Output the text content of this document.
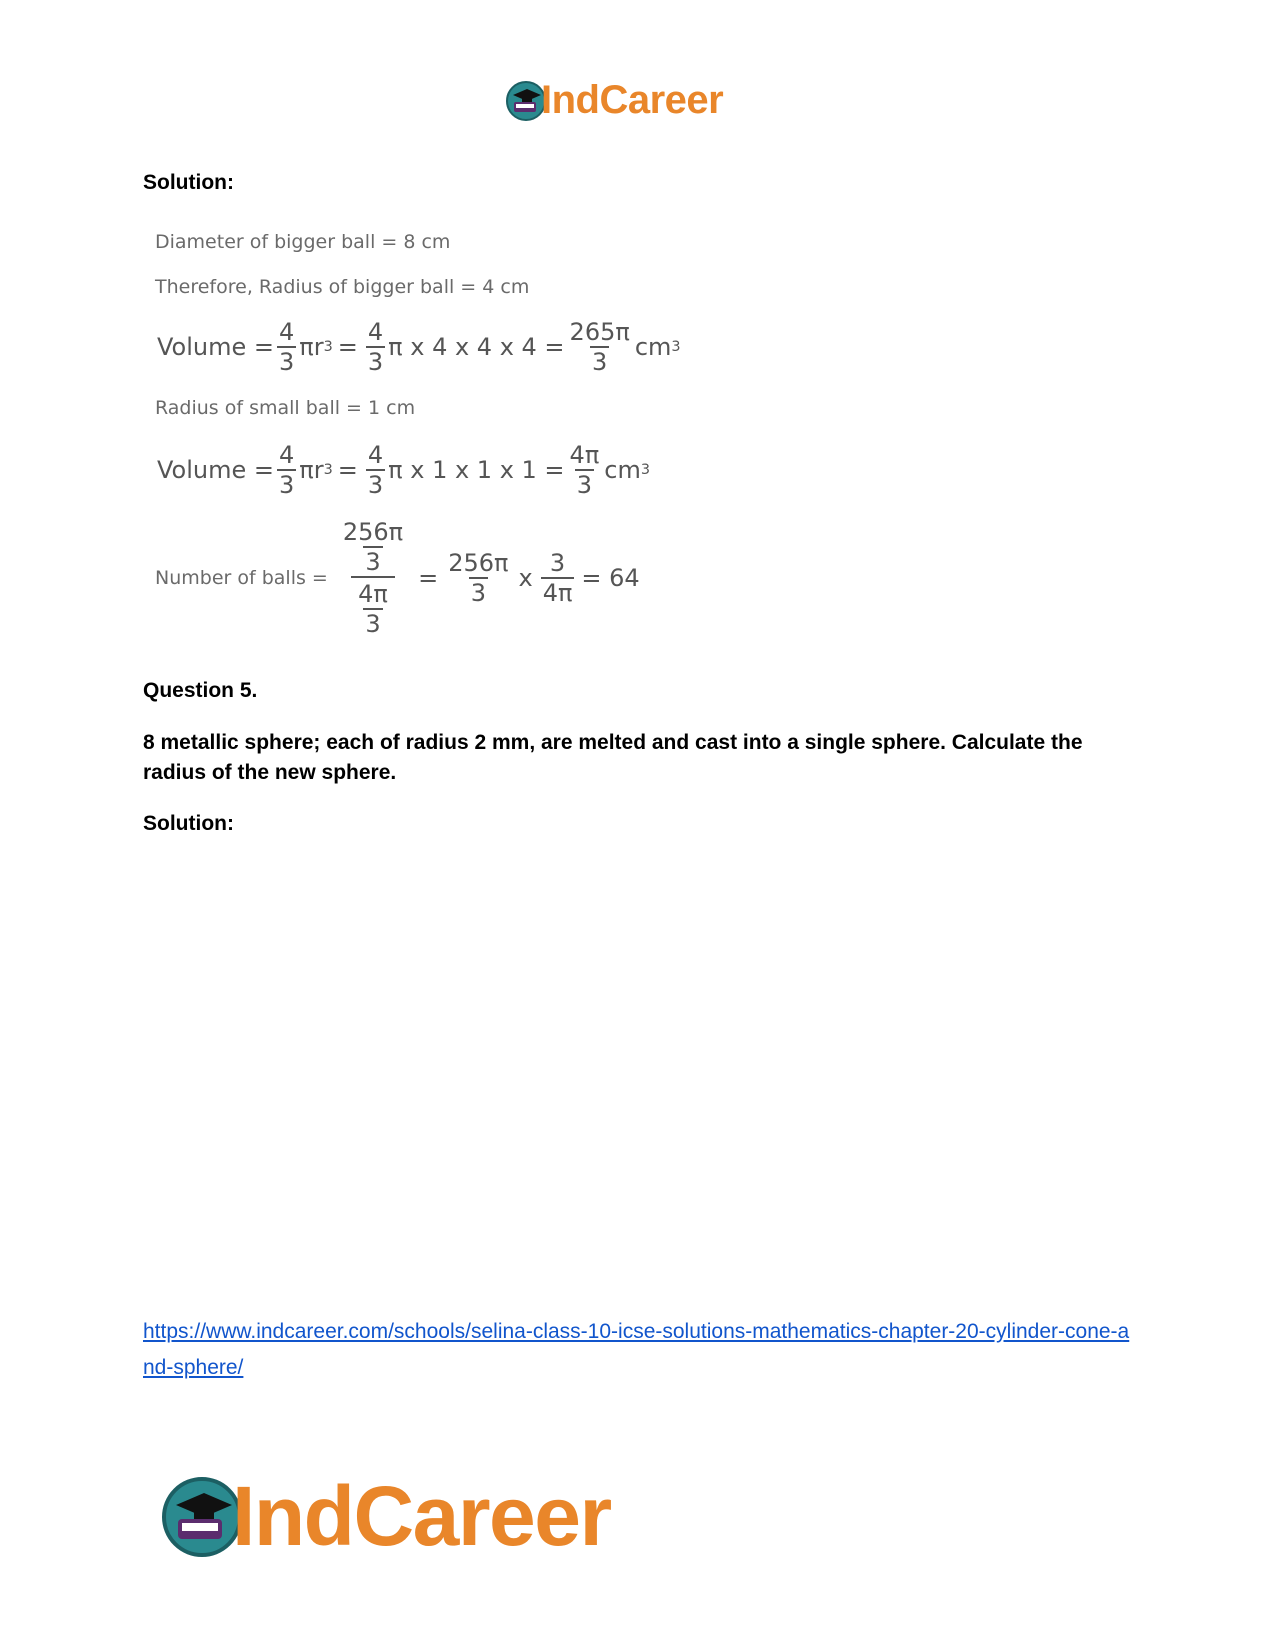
IndCareer
Solution:
Diameter of bigger ball = 8 cm
Therefore, Radius of bigger ball = 4 cm
Volume = $\frac{4}{3}$ πr $3 = \frac{4}{3}$ π x 4 x 4 x $4 = \frac{265\pi}{3}$ cm 3
Radius of small ball = 1 cm
Volume = $\frac{4}{3}$ πr $3 = \frac{4}{3}$ π x 1 x 1 x $1 = \frac{4\pi}{3}$ cm 3
Number of balls = $\frac{\frac{256\pi}{3}}{\frac{4\pi}{3}} = \frac{256\pi}{3}$ x $\frac{3}{4\pi} = 64$
Question 5.
8 metallic sphere; each of radius 2 mm, are melted and cast into a single sphere. Calculate the radius of the new sphere.
Solution:
https://www.indcareer.com/schools/selina-class-10-icse-solutions-mathematics-chapter-20-cylinder-cone-and-sphere/
IndCareer
